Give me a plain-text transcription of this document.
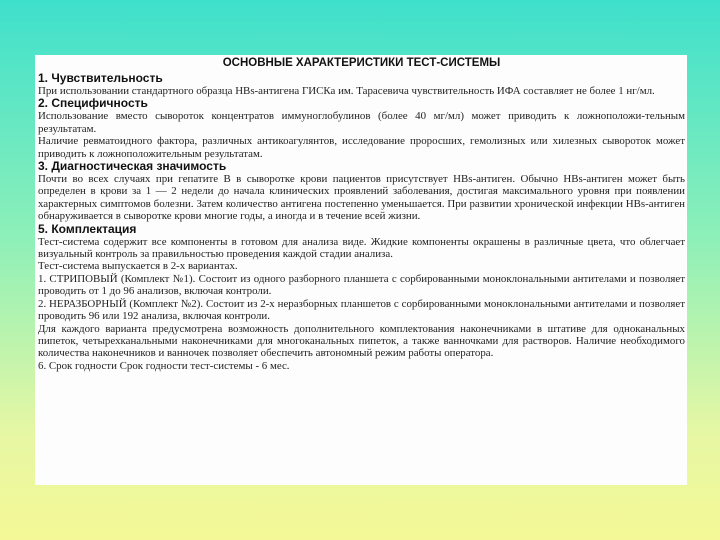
ОСНОВНЫЕ ХАРАКТЕРИСТИКИ ТЕСТ-СИСТЕМЫ
1. Чувствительность

При использовании стандартного образца HBs-антигена ГИСКа им. Тарасевича чувствительность ИФА составляет не более 1 нг/мл.

2. Специфичность

Использование вместо сывороток концентратов иммуноглобулинов (более 40 мг/мл) может приводить к ложноположи-тельным результатам.

Наличие ревматоидного фактора, различных антикоагулянтов, исследование проросших, гемолизных или хилезных сывороток может приводить к ложноположительным результатам.

3. Диагностическая значимость

Почти во всех случаях при гепатите В в сыворотке крови пациентов присутствует HBs-антиген. Обычно HBs-антиген может быть определен в крови за 1 — 2 недели до начала клинических проявлений заболевания, достигая максимального уровня при появлении характерных симптомов болезни. Затем количество антигена постепенно уменьшается. При развитии хронической инфекции HBs-антиген обнаруживается в сыворотке крови многие годы, а иногда и в течение всей жизни.

5. Комплектация

Тест-система содержит все компоненты в готовом для анализа виде. Жидкие компоненты окрашены в различные цвета, что облегчает визуальный контроль за правильностью проведения каждой стадии анализа.

Тест-система выпускается в 2-х вариантах.

1. СТРИПОВЫЙ (Комплект №1). Состоит из одного разборного планшета с сорбированными моноклональными антителами и позволяет проводить от 1 до 96 анализов, включая контроли.

2. НЕРАЗБОРНЫЙ (Комплект №2). Состоит из 2-х неразборных планшетов с сорбированными моноклональными антителами и позволяет проводить 96 или 192 анализа, включая контроли.

Для каждого варианта предусмотрена возможность дополнительного комплектования наконечниками в штативе для одноканальных пипеток, четырехканальными наконечниками для многоканальных пипеток, а также ванночками для растворов. Наличие необходимого количества наконечников и ванночек позволяет обеспечить автономный режим работы оператора.

6. Срок годности Срок годности тест-системы - 6 мес.
